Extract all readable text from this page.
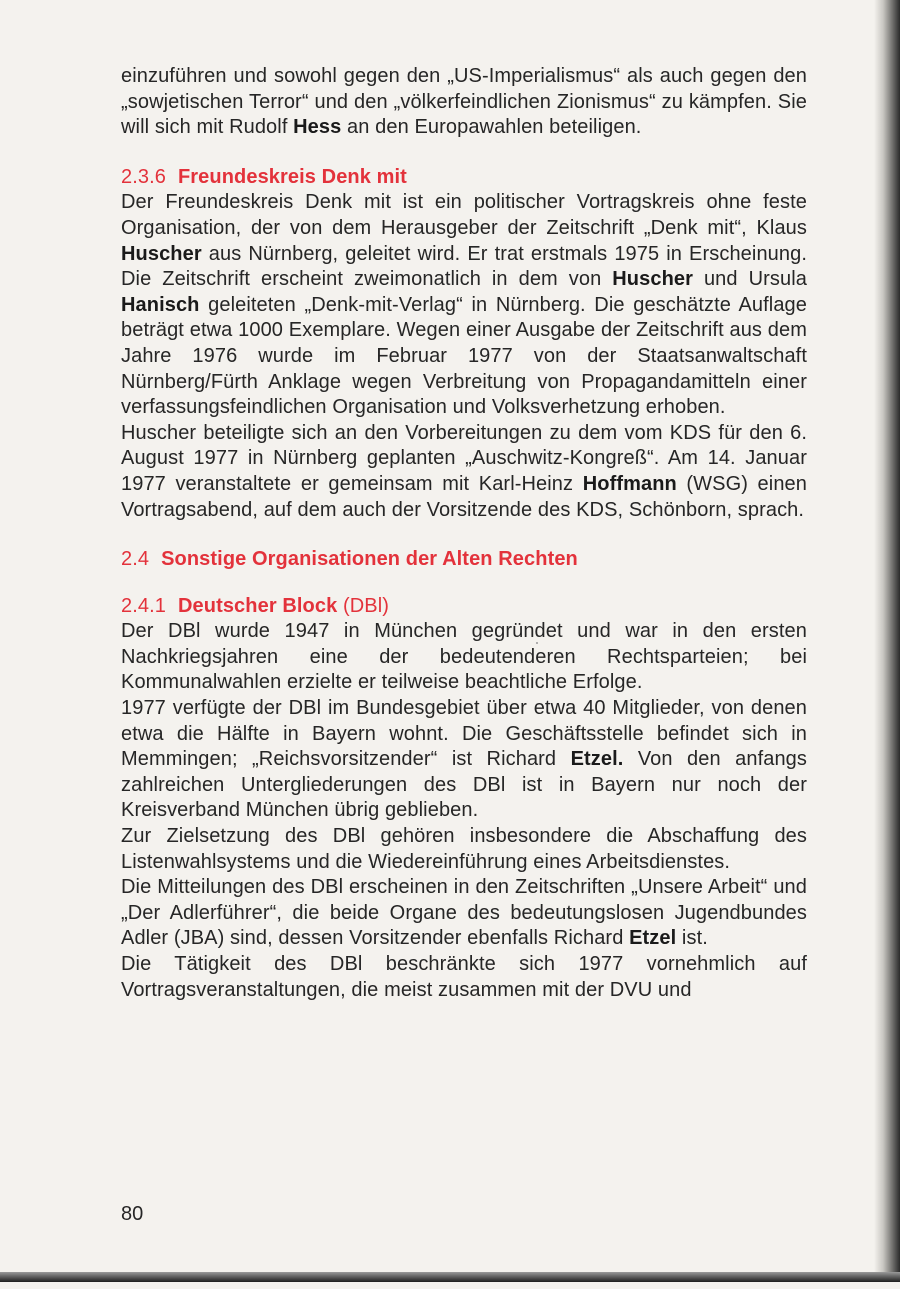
einzuführen und sowohl gegen den „US-Imperialismus“ als auch gegen den „sowjetischen Terror“ und den „völkerfeindlichen Zionismus“ zu kämpfen. Sie will sich mit Rudolf Hess an den Europawahlen beteiligen.

2.3.6 Freundeskreis Denk mit

Der Freundeskreis Denk mit ist ein politischer Vortragskreis ohne feste Organisation, der von dem Herausgeber der Zeitschrift „Denk mit“, Klaus Huscher aus Nürnberg, geleitet wird. Er trat erstmals 1975 in Erscheinung. Die Zeitschrift erscheint zweimonatlich in dem von Huscher und Ursula Hanisch geleiteten „Denk-mit-Verlag“ in Nürnberg. Die geschätzte Auflage beträgt etwa 1000 Exemplare. Wegen einer Ausgabe der Zeitschrift aus dem Jahre 1976 wurde im Februar 1977 von der Staatsanwaltschaft Nürnberg/Fürth Anklage wegen Verbreitung von Propagandamitteln einer verfassungsfeindlichen Organisation und Volksverhetzung erhoben.

Huscher beteiligte sich an den Vorbereitungen zu dem vom KDS für den 6. August 1977 in Nürnberg geplanten „Auschwitz-Kongreß“. Am 14. Januar 1977 veranstaltete er gemeinsam mit Karl-Heinz Hoffmann (WSG) einen Vortragsabend, auf dem auch der Vorsitzende des KDS, Schönborn, sprach.

2.4 Sonstige Organisationen der Alten Rechten
2.4.1 Deutscher Block (DBl)

Der DBl wurde 1947 in München gegründet und war in den ersten Nachkriegsjahren eine der bedeutenderen Rechtsparteien; bei Kommunalwahlen erzielte er teilweise beachtliche Erfolge.

1977 verfügte der DBl im Bundesgebiet über etwa 40 Mitglieder, von denen etwa die Hälfte in Bayern wohnt. Die Geschäftsstelle befindet sich in Memmingen; „Reichsvorsitzender“ ist Richard Etzel. Von den anfangs zahlreichen Untergliederungen des DBl ist in Bayern nur noch der Kreisverband München übrig geblieben.

Zur Zielsetzung des DBl gehören insbesondere die Abschaffung des Listenwahlsystems und die Wiedereinführung eines Arbeitsdienstes.

Die Mitteilungen des DBl erscheinen in den Zeitschriften „Unsere Arbeit“ und „Der Adlerführer“, die beide Organe des bedeutungslosen Jugendbundes Adler (JBA) sind, dessen Vorsitzender ebenfalls Richard Etzel ist.

Die Tätigkeit des DBl beschränkte sich 1977 vornehmlich auf Vortragsveranstaltungen, die meist zusammen mit der DVU und

80
